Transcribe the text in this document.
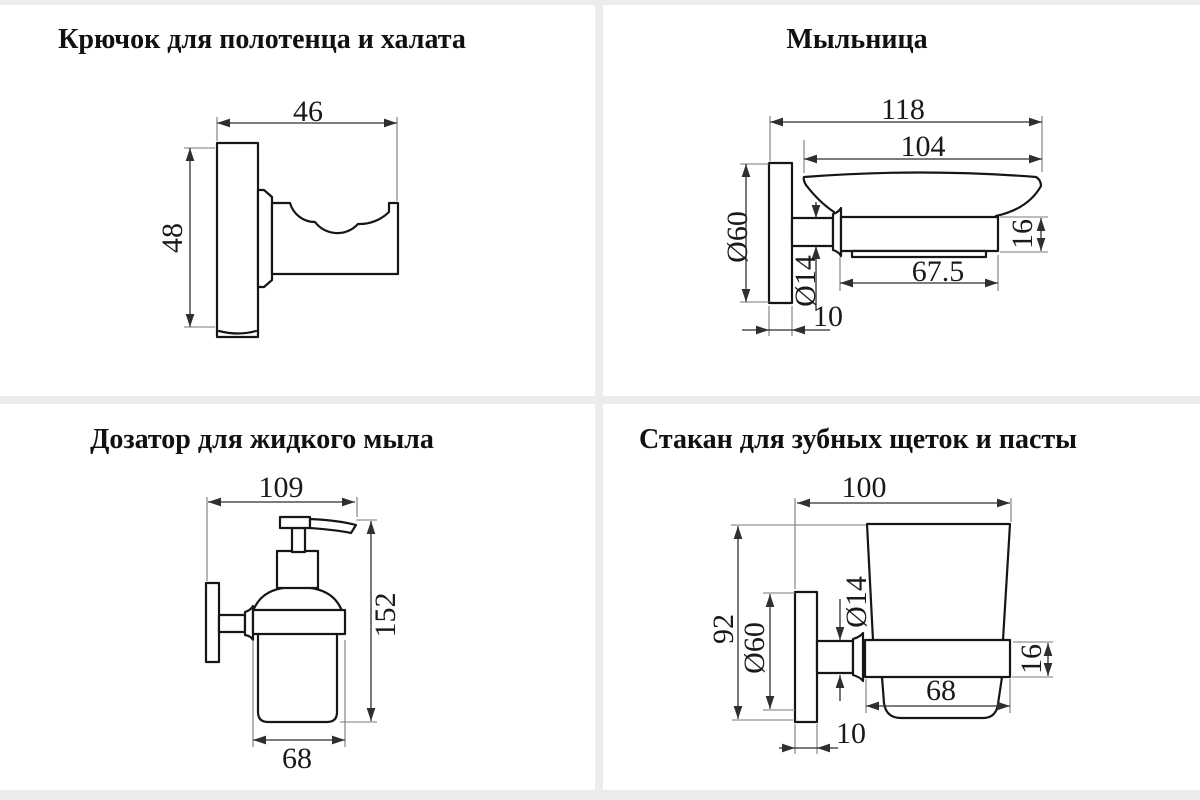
Крючок для полотенца и халата
46
48
Мыльница
118
104
Ø60
Ø14	67.5
16
10
Дозатор для жидкого мыла
109
152
68
Стакан для зубных щеток и пасты
100
92
Ø60
Ø14
16
68
10
